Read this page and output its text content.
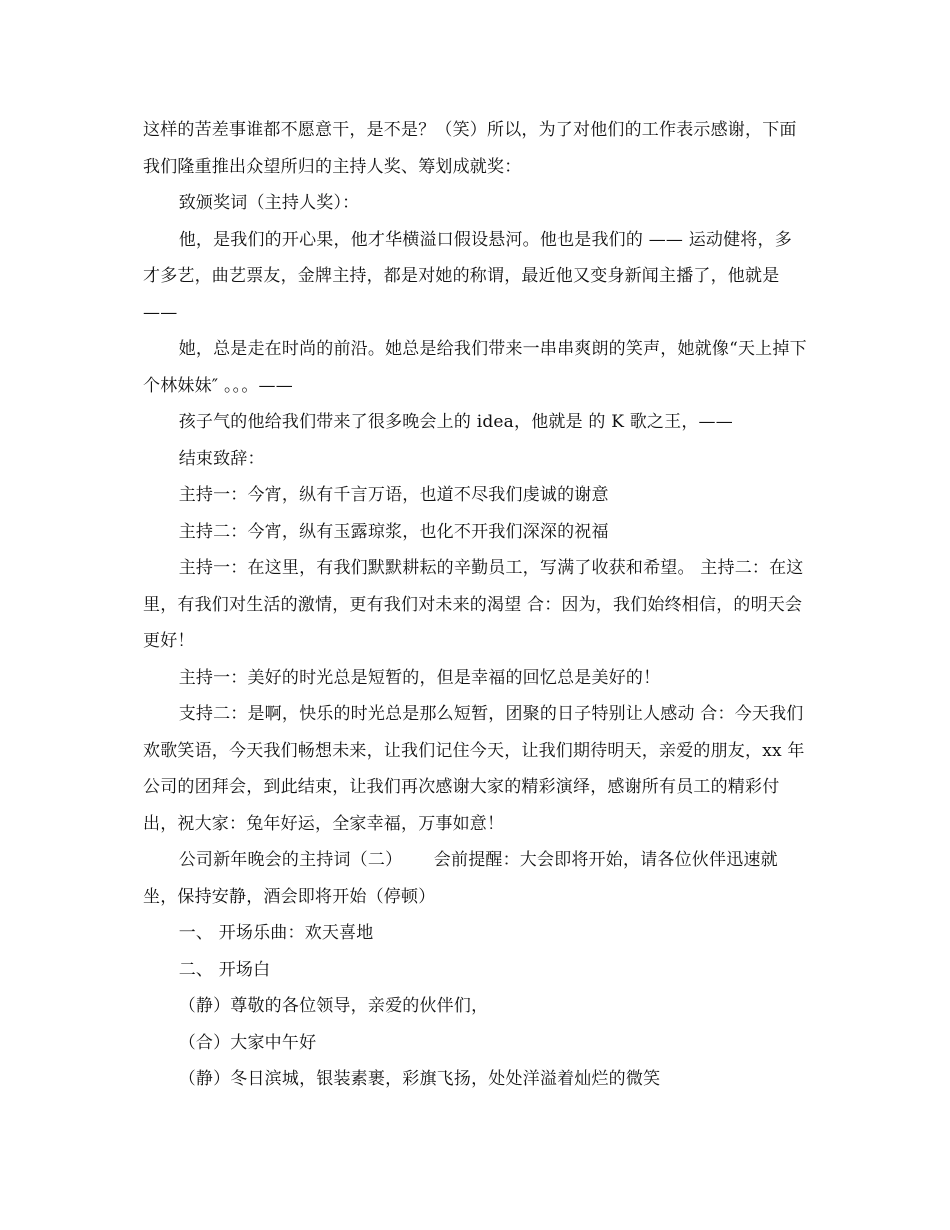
这样的苦差事谁都不愿意干，是不是？（笑）所以，为了对他们的工作表示感谢，下面我们隆重推出众望所归的主持人奖、筹划成就奖：

致颁奖词（主持人奖）：

他，是我们的开心果，他才华横溢口假设悬河。他也是我们的 —— 运动健将，多才多艺，曲艺票友，金牌主持，都是对她的称谓，最近他又变身新闻主播了，他就是——

她，总是走在时尚的前沿。她总是给我们带来一串串爽朗的笑声，她就像“天上掉下个林妹妹″ 。。。——

孩子气的他给我们带来了很多晚会上的 idea，他就是 的 K 歌之王，——

结束致辞：

主持一：今宵，纵有千言万语，也道不尽我们虔诚的谢意

主持二：今宵，纵有玉露琼浆，也化不开我们深深的祝福

主持一：在这里，有我们默默耕耘的辛勤员工，写满了收获和希望。 主持二：在这里，有我们对生活的激情，更有我们对未来的渴望 合：因为，我们始终相信，的明天会更好！

主持一：美好的时光总是短暂的，但是幸福的回忆总是美好的！

支持二：是啊，快乐的时光总是那么短暂，团聚的日子特别让人感动 合：今天我们欢歌笑语，今天我们畅想未来，让我们记住今天，让我们期待明天，亲爱的朋友，xx 年公司的团拜会，到此结束，让我们再次感谢大家的精彩演绎，感谢所有员工的精彩付出，祝大家：兔年好运，全家幸福，万事如意！

公司新年晚会的主持词（二）　　 会前提醒：大会即将开始，请各位伙伴迅速就坐，保持安静，酒会即将开始（停顿）

一、 开场乐曲：欢天喜地

二、 开场白

（静）尊敬的各位领导，亲爱的伙伴们，

（合）大家中午好

（静）冬日滨城，银装素裹，彩旗飞扬，处处洋溢着灿烂的微笑
